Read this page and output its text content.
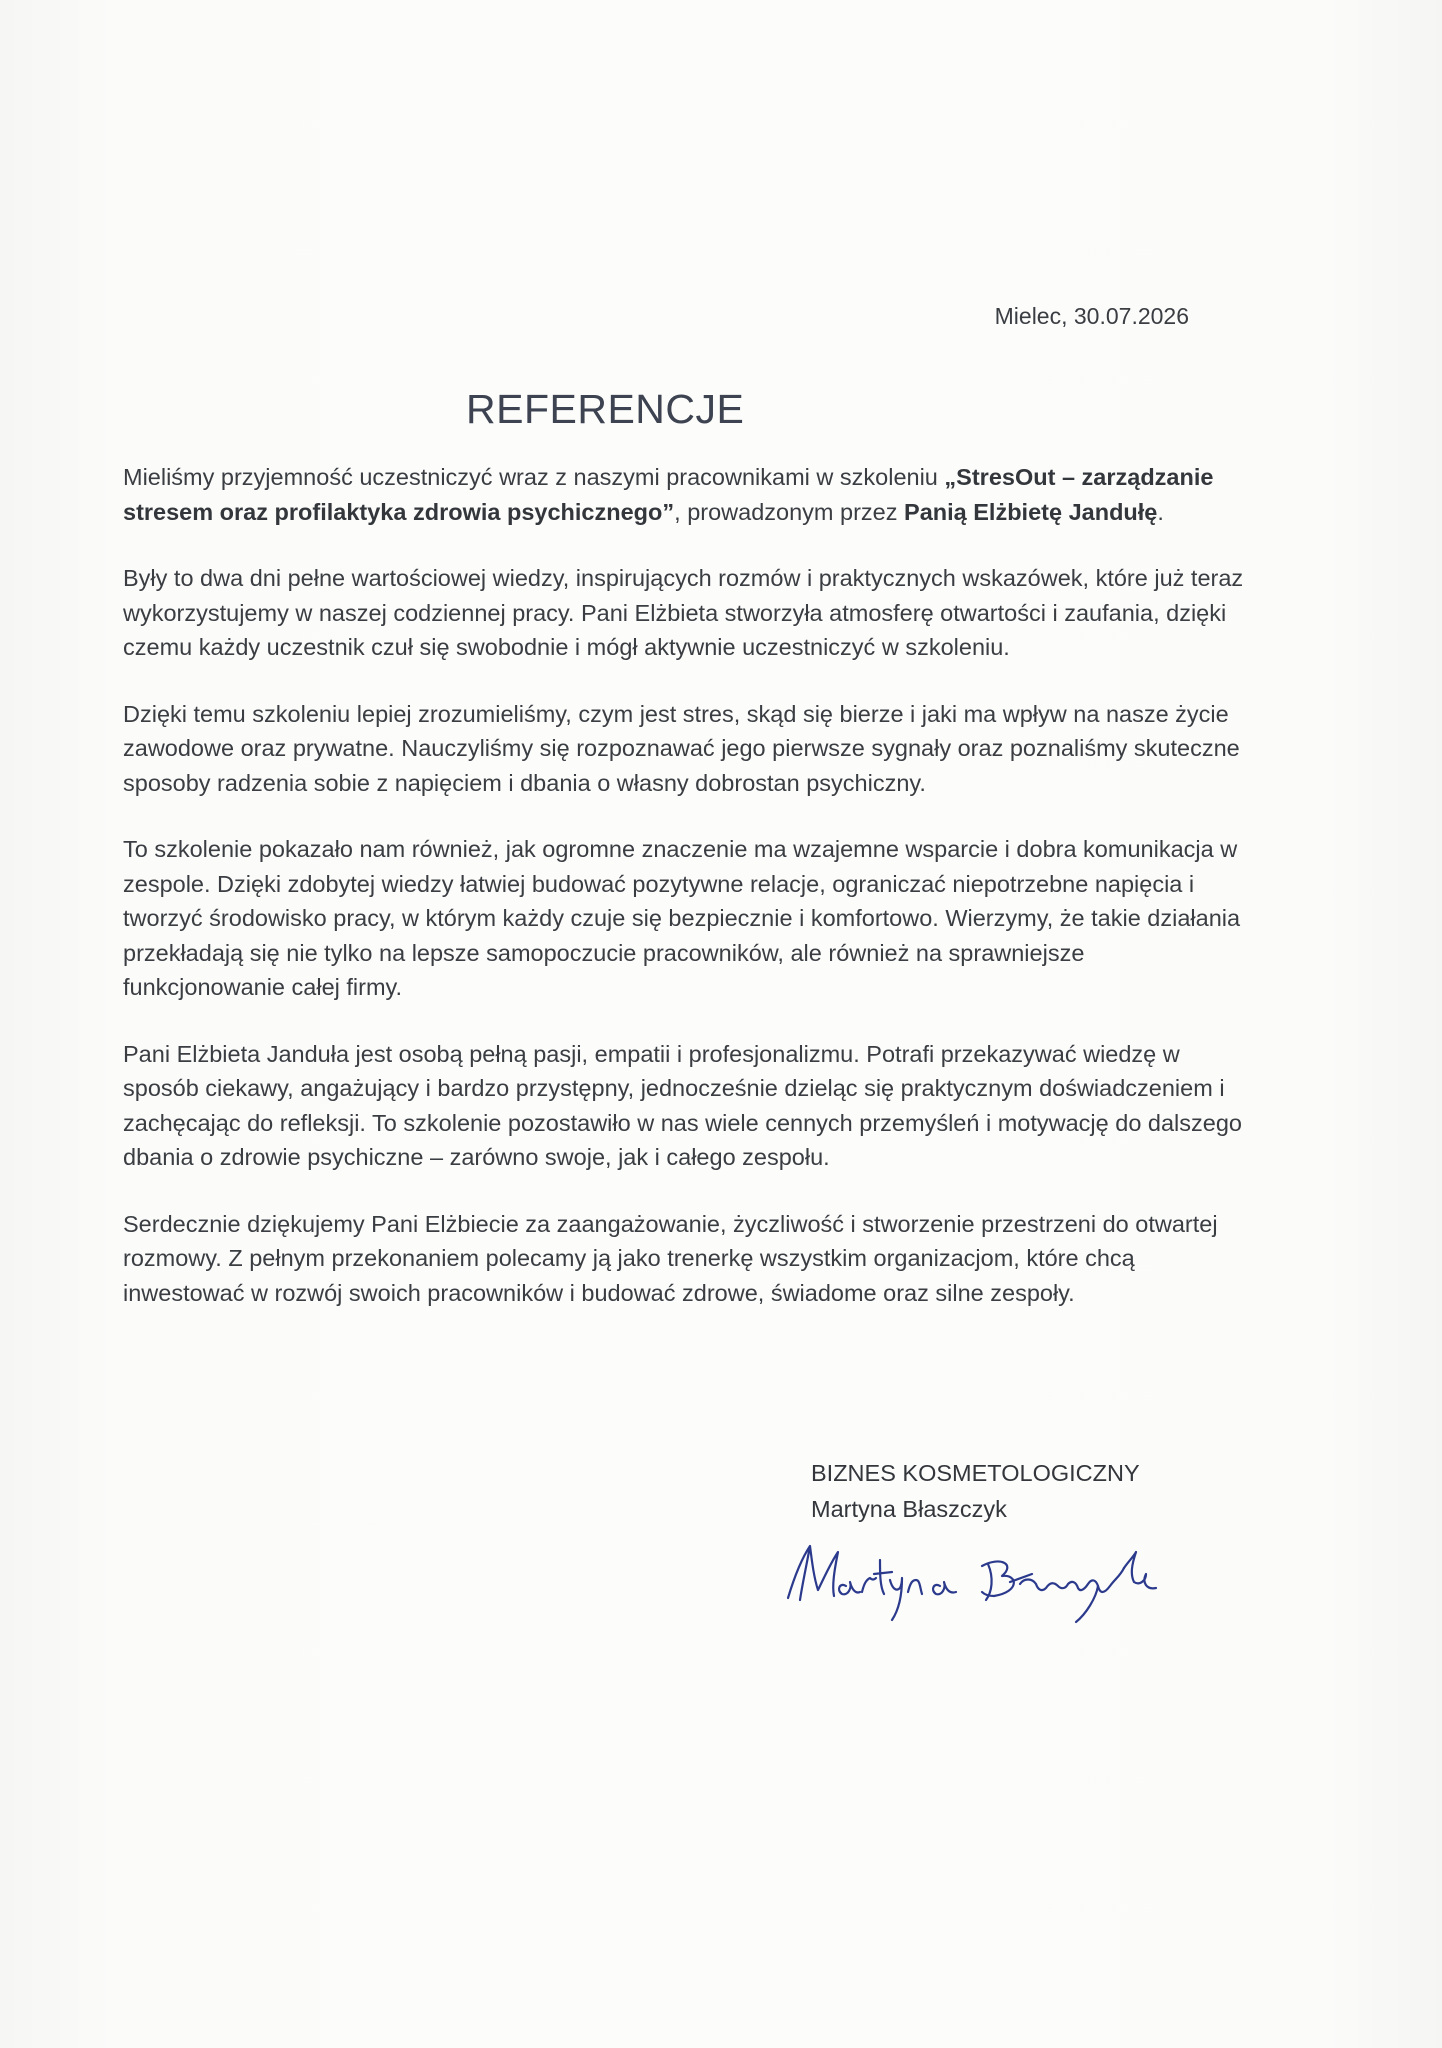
Mielec, 30.07.2026
REFERENCJE

Mieliśmy przyjemność uczestniczyć wraz z naszymi pracownikami w szkoleniu „StresOut – zarządzanie stresem oraz profilaktyka zdrowia psychicznego”, prowadzonym przez Panią Elżbietę Jandułę.

Były to dwa dni pełne wartościowej wiedzy, inspirujących rozmów i praktycznych wskazówek, które już teraz wykorzystujemy w naszej codziennej pracy. Pani Elżbieta stworzyła atmosferę otwartości i zaufania, dzięki czemu każdy uczestnik czuł się swobodnie i mógł aktywnie uczestniczyć w szkoleniu.

Dzięki temu szkoleniu lepiej zrozumieliśmy, czym jest stres, skąd się bierze i jaki ma wpływ na nasze życie zawodowe oraz prywatne. Nauczyliśmy się rozpoznawać jego pierwsze sygnały oraz poznaliśmy skuteczne sposoby radzenia sobie z napięciem i dbania o własny dobrostan psychiczny.

To szkolenie pokazało nam również, jak ogromne znaczenie ma wzajemne wsparcie i dobra komunikacja w zespole. Dzięki zdobytej wiedzy łatwiej budować pozytywne relacje, ograniczać niepotrzebne napięcia i tworzyć środowisko pracy, w którym każdy czuje się bezpiecznie i komfortowo. Wierzymy, że takie działania przekładają się nie tylko na lepsze samopoczucie pracowników, ale również na sprawniejsze funkcjonowanie całej firmy.

Pani Elżbieta Janduła jest osobą pełną pasji, empatii i profesjonalizmu. Potrafi przekazywać wiedzę w sposób ciekawy, angażujący i bardzo przystępny, jednocześnie dzieląc się praktycznym doświadczeniem i zachęcając do refleksji. To szkolenie pozostawiło w nas wiele cennych przemyśleń i motywację do dalszego dbania o zdrowie psychiczne – zarówno swoje, jak i całego zespołu.

Serdecznie dziękujemy Pani Elżbiecie za zaangażowanie, życzliwość i stworzenie przestrzeni do otwartej rozmowy. Z pełnym przekonaniem polecamy ją jako trenerkę wszystkim organizacjom, które chcą inwestować w rozwój swoich pracowników i budować zdrowe, świadome oraz silne zespoły.

BIZNES KOSMETOLOGICZNY
Martyna Błaszczyk
